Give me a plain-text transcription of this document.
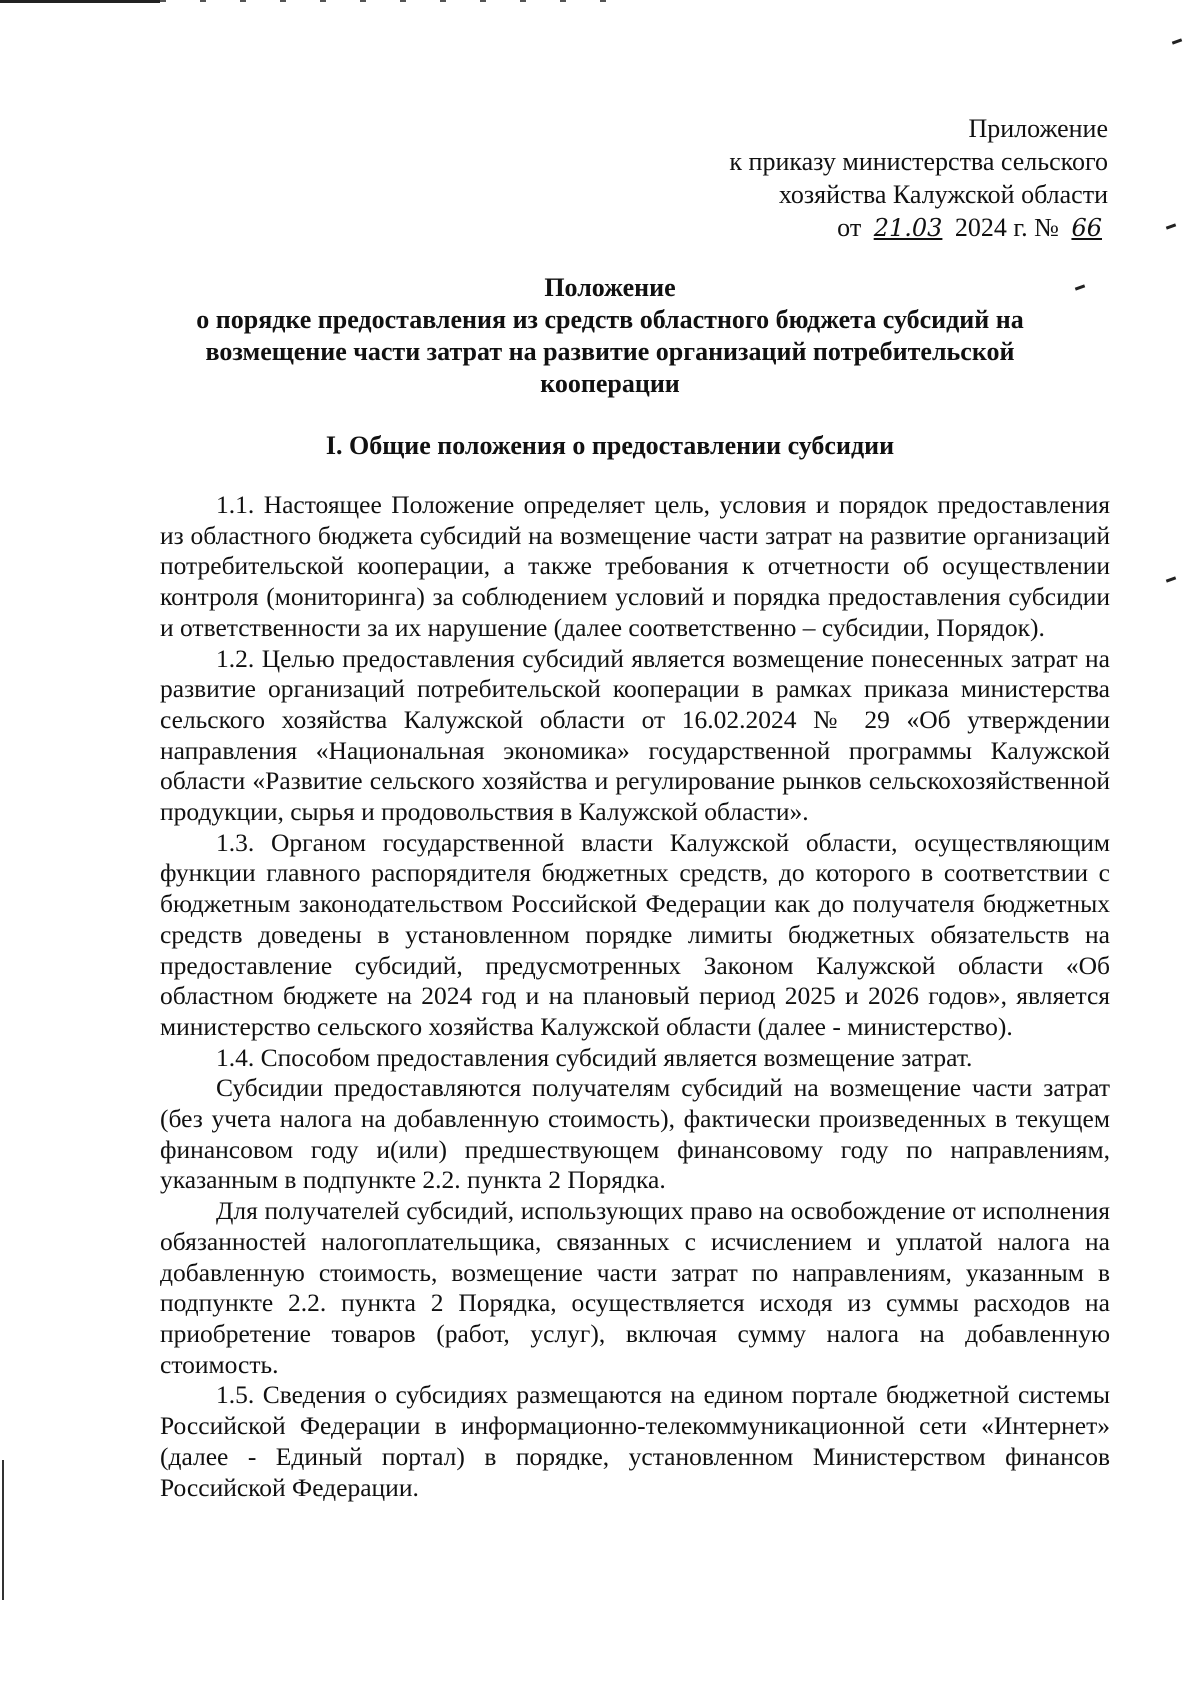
Приложение
к приказу министерства сельского
хозяйства Калужской области
от 21.03 2024 г. № 66
Положение
о порядке предоставления из средств областного бюджета субсидий на возмещение части затрат на развитие организаций потребительской кооперации
I. Общие положения о предоставлении субсидии

1.1. Настоящее Положение определяет цель, условия и порядок предоставления из областного бюджета субсидий на возмещение части затрат на развитие организаций потребительской кооперации, а также требования к отчетности об осуществлении контроля (мониторинга) за соблюдением условий и порядка предоставления субсидии и ответственности за их нарушение (далее соответственно – субсидии, Порядок).

1.2. Целью предоставления субсидий является возмещение понесенных затрат на развитие организаций потребительской кооперации в рамках приказа министерства сельского хозяйства Калужской области от 16.02.2024 № 29 «Об утверждении направления «Национальная экономика» государственной программы Калужской области «Развитие сельского хозяйства и регулирование рынков сельскохозяйственной продукции, сырья и продовольствия в Калужской области».

1.3. Органом государственной власти Калужской области, осуществляющим функции главного распорядителя бюджетных средств, до которого в соответствии с бюджетным законодательством Российской Федерации как до получателя бюджетных средств доведены в установленном порядке лимиты бюджетных обязательств на предоставление субсидий, предусмотренных Законом Калужской области «Об областном бюджете на 2024 год и на плановый период 2025 и 2026 годов», является министерство сельского хозяйства Калужской области (далее - министерство).

1.4. Способом предоставления субсидий является возмещение затрат.

Субсидии предоставляются получателям субсидий на возмещение части затрат (без учета налога на добавленную стоимость), фактически произведенных в текущем финансовом году и(или) предшествующем финансовому году по направлениям, указанным в подпункте 2.2. пункта 2 Порядка.

Для получателей субсидий, использующих право на освобождение от исполнения обязанностей налогоплательщика, связанных с исчислением и уплатой налога на добавленную стоимость, возмещение части затрат по направлениям, указанным в подпункте 2.2. пункта 2 Порядка, осуществляется исходя из суммы расходов на приобретение товаров (работ, услуг), включая сумму налога на добавленную стоимость.

1.5. Сведения о субсидиях размещаются на едином портале бюджетной системы Российской Федерации в информационно-телекоммуникационной сети «Интернет» (далее - Единый портал) в порядке, установленном Министерством финансов Российской Федерации.
